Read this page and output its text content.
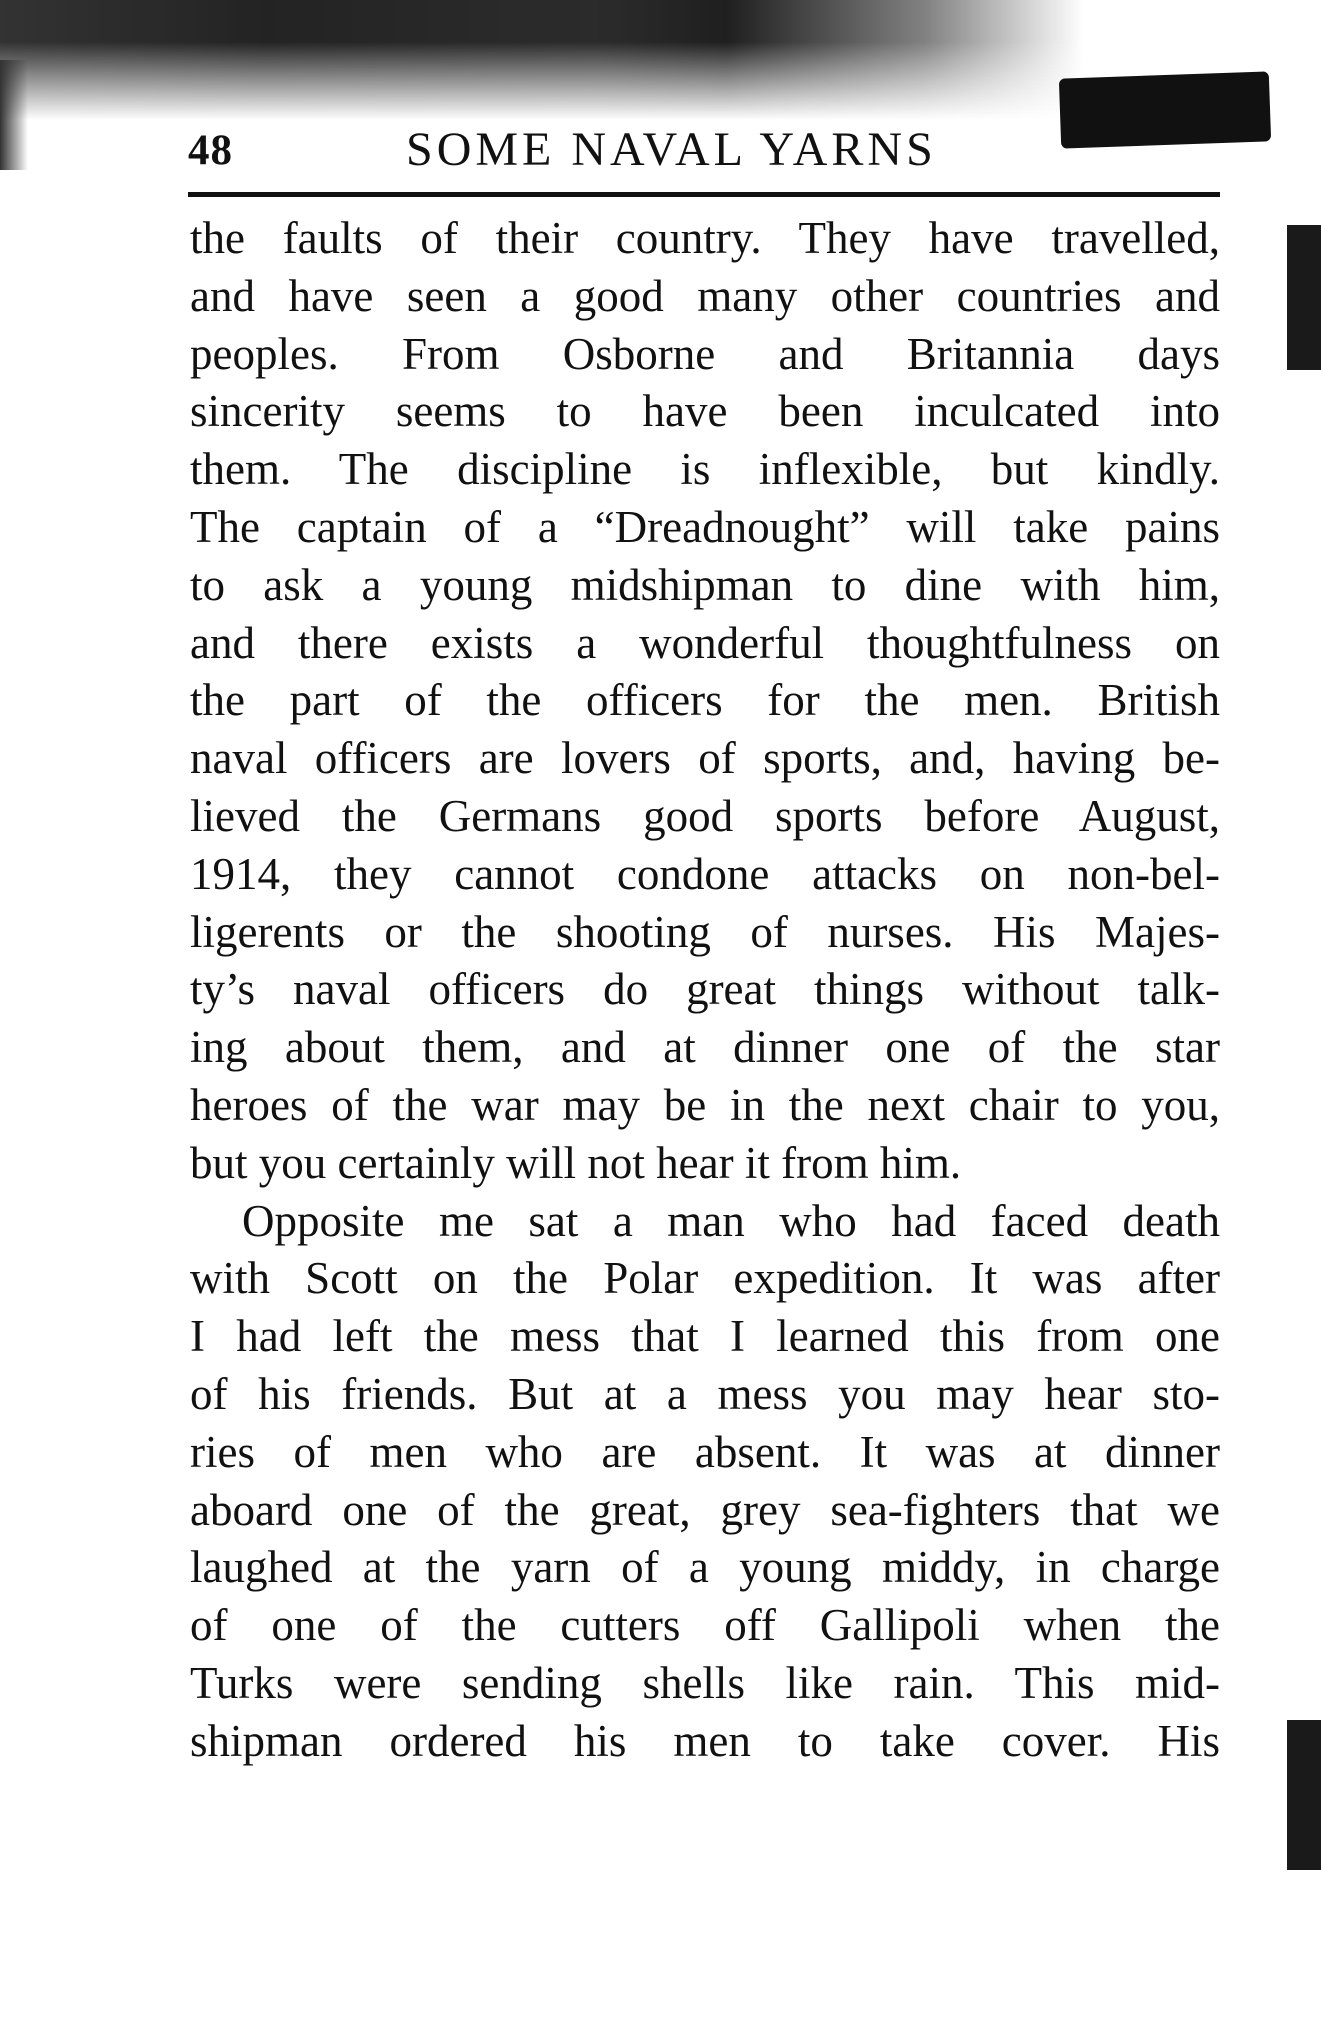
48	SOME NAVAL YARNS
the faults of their country. They have travelled,
and have seen a good many other countries and
peoples. From Osborne and Britannia days
sincerity seems to have been inculcated into
them. The discipline is inflexible, but kindly.
The captain of a “Dreadnought” will take pains
to ask a young midshipman to dine with him,
and there exists a wonderful thoughtfulness on
the part of the officers for the men. British
naval officers are lovers of sports, and, having be-
lieved the Germans good sports before August,
1914, they cannot condone attacks on non-bel-
ligerents or the shooting of nurses. His Majes-
ty’s naval officers do great things without talk-
ing about them, and at dinner one of the star
heroes of the war may be in the next chair to you,
but you certainly will not hear it from him.
Opposite me sat a man who had faced death
with Scott on the Polar expedition. It was after
I had left the mess that I learned this from one
of his friends. But at a mess you may hear sto-
ries of men who are absent. It was at dinner
aboard one of the great, grey sea-fighters that we
laughed at the yarn of a young middy, in charge
of one of the cutters off Gallipoli when the
Turks were sending shells like rain. This mid-
shipman ordered his men to take cover. His
